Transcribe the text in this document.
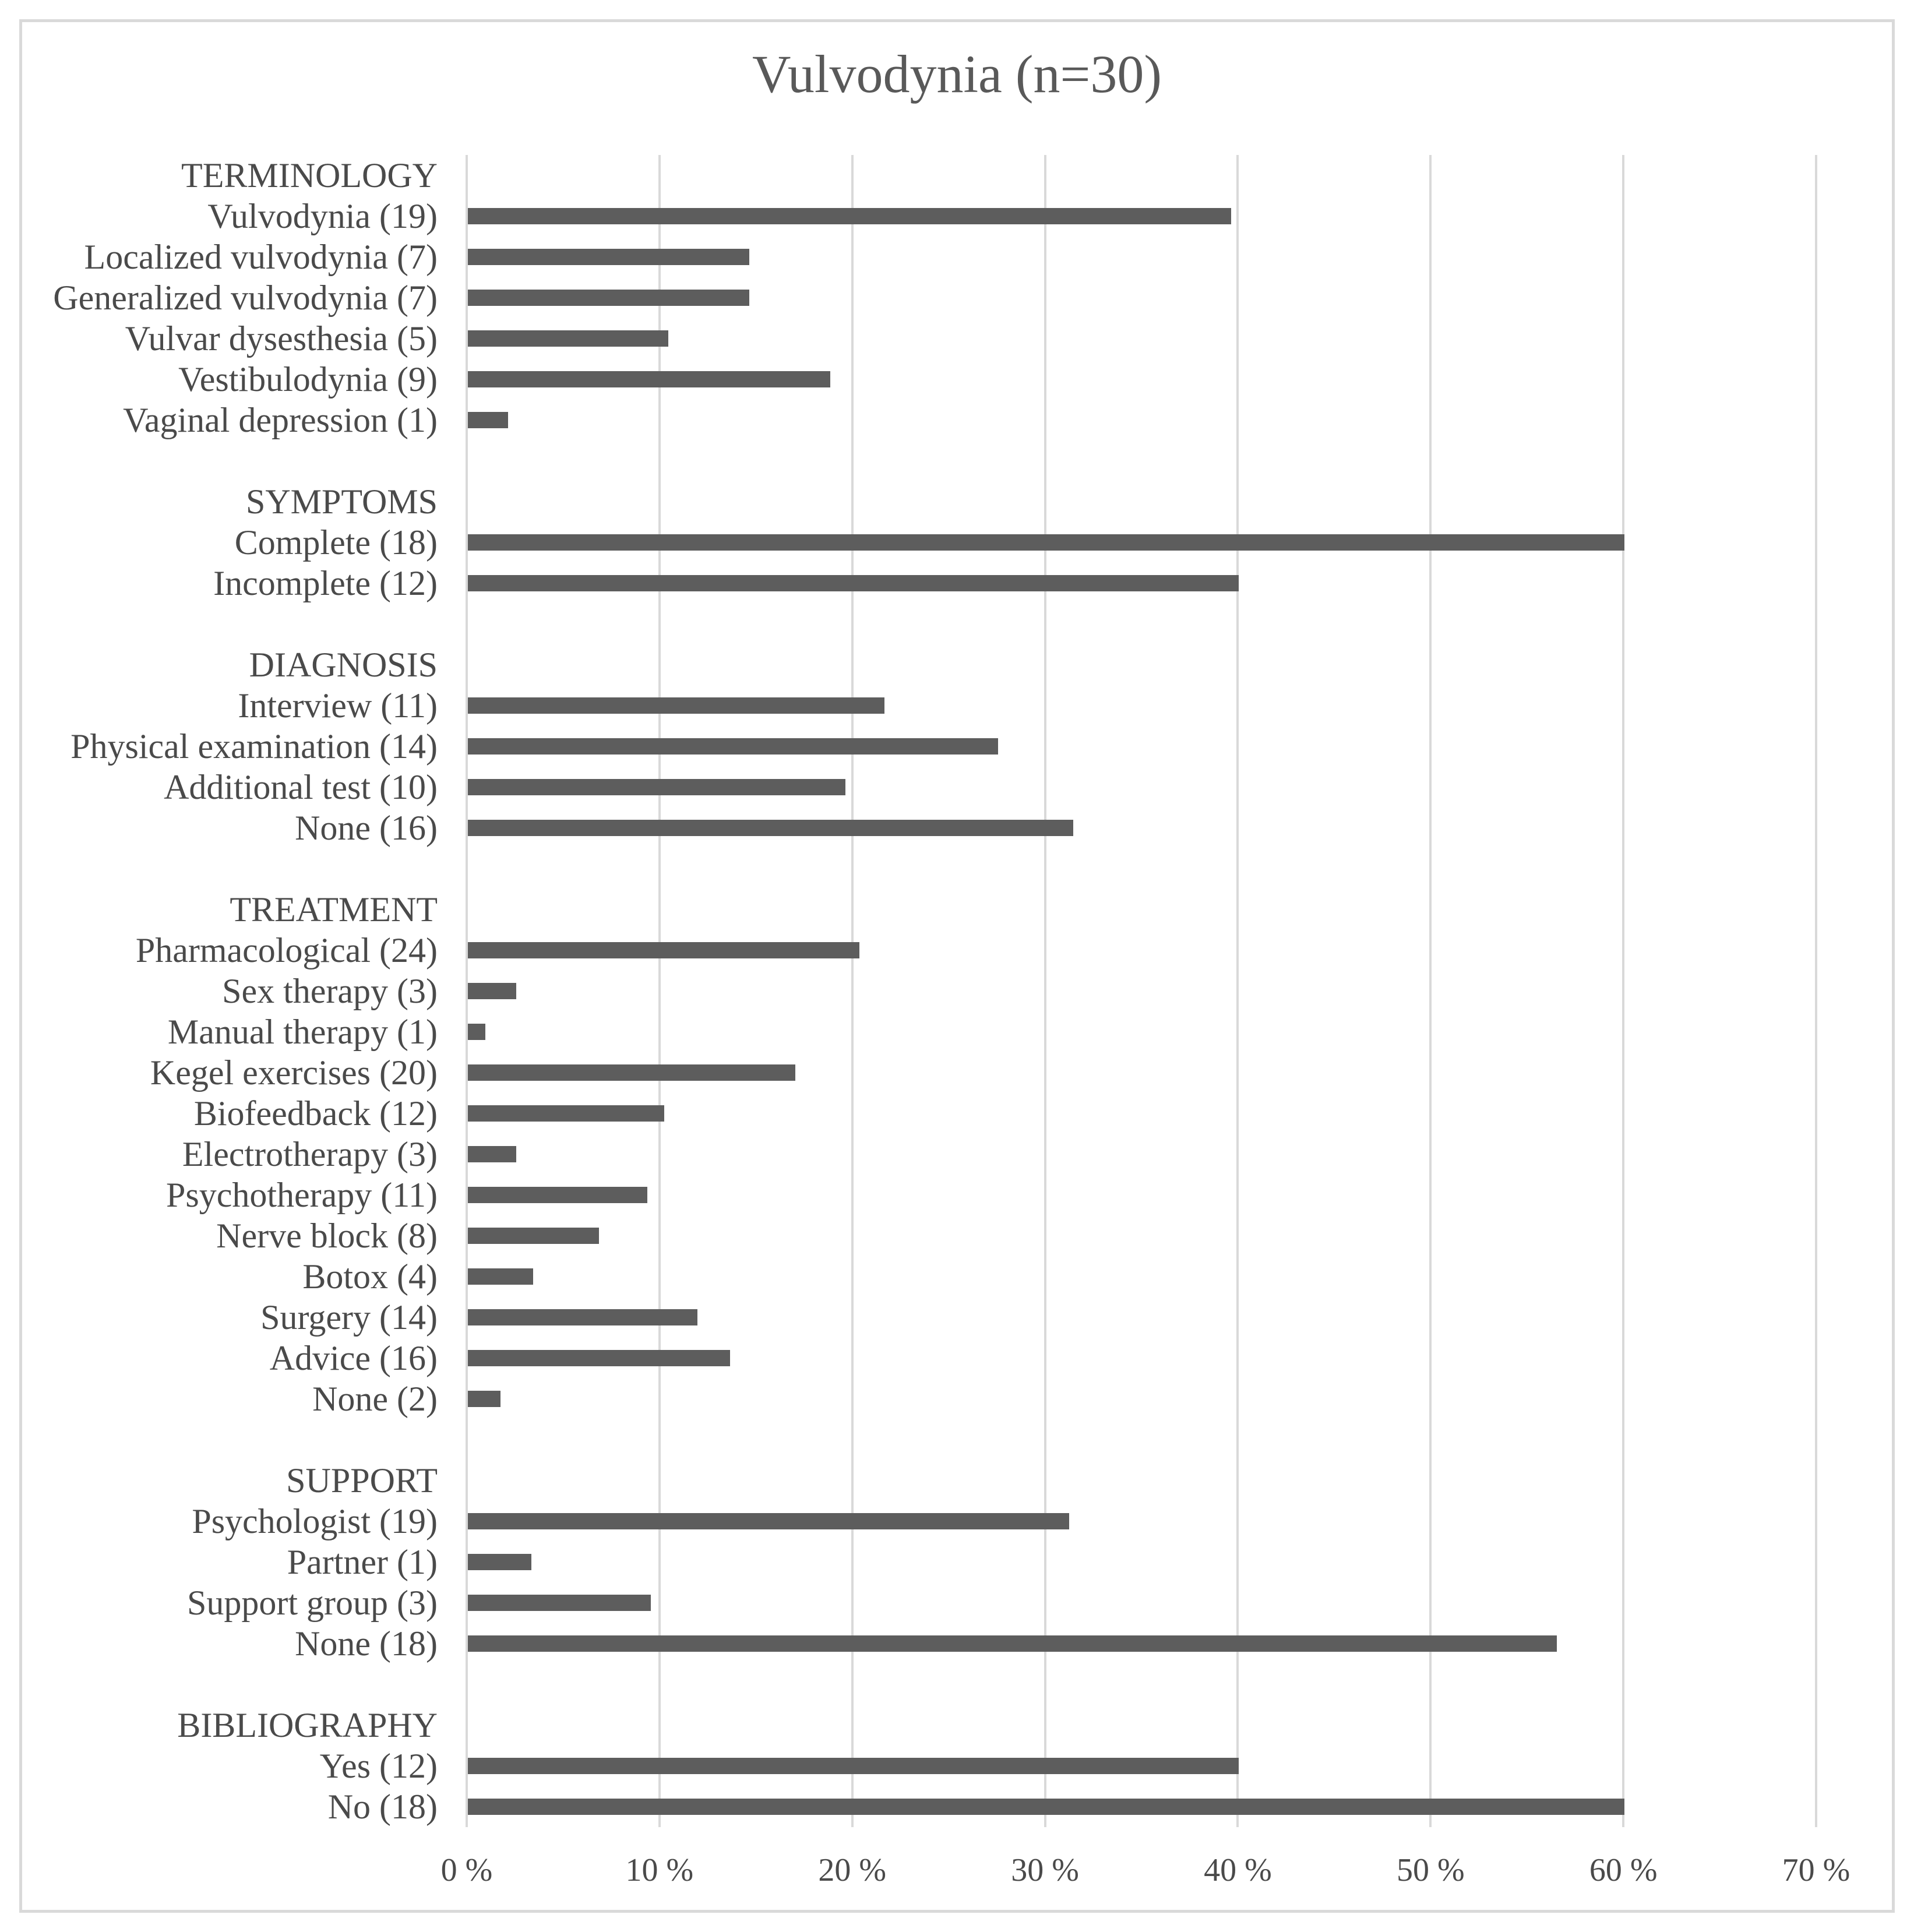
Vulvodynia (n=30)
TERMINOLOGY
Vulvodynia (19)
Localized vulvodynia (7)
Generalized vulvodynia (7)
Vulvar dysesthesia (5)
Vestibulodynia (9)
Vaginal depression (1)
SYMPTOMS
Complete (18)
Incomplete (12)
DIAGNOSIS
Interview (11)
Physical examination (14)
Additional test (10)
None (16)
TREATMENT
Pharmacological (24)
Sex therapy (3)
Manual therapy (1)
Kegel exercises (20)
Biofeedback (12)
Electrotherapy (3)
Psychotherapy (11)
Nerve block (8)
Botox (4)
Surgery (14)
Advice (16)
None (2)
SUPPORT
Psychologist (19)
Partner (1)
Support group (3)
None (18)
BIBLIOGRAPHY
Yes (12)
No (18)
0 %	10 %	20 %	30 %	40 %	50 %	60 %	70 %
